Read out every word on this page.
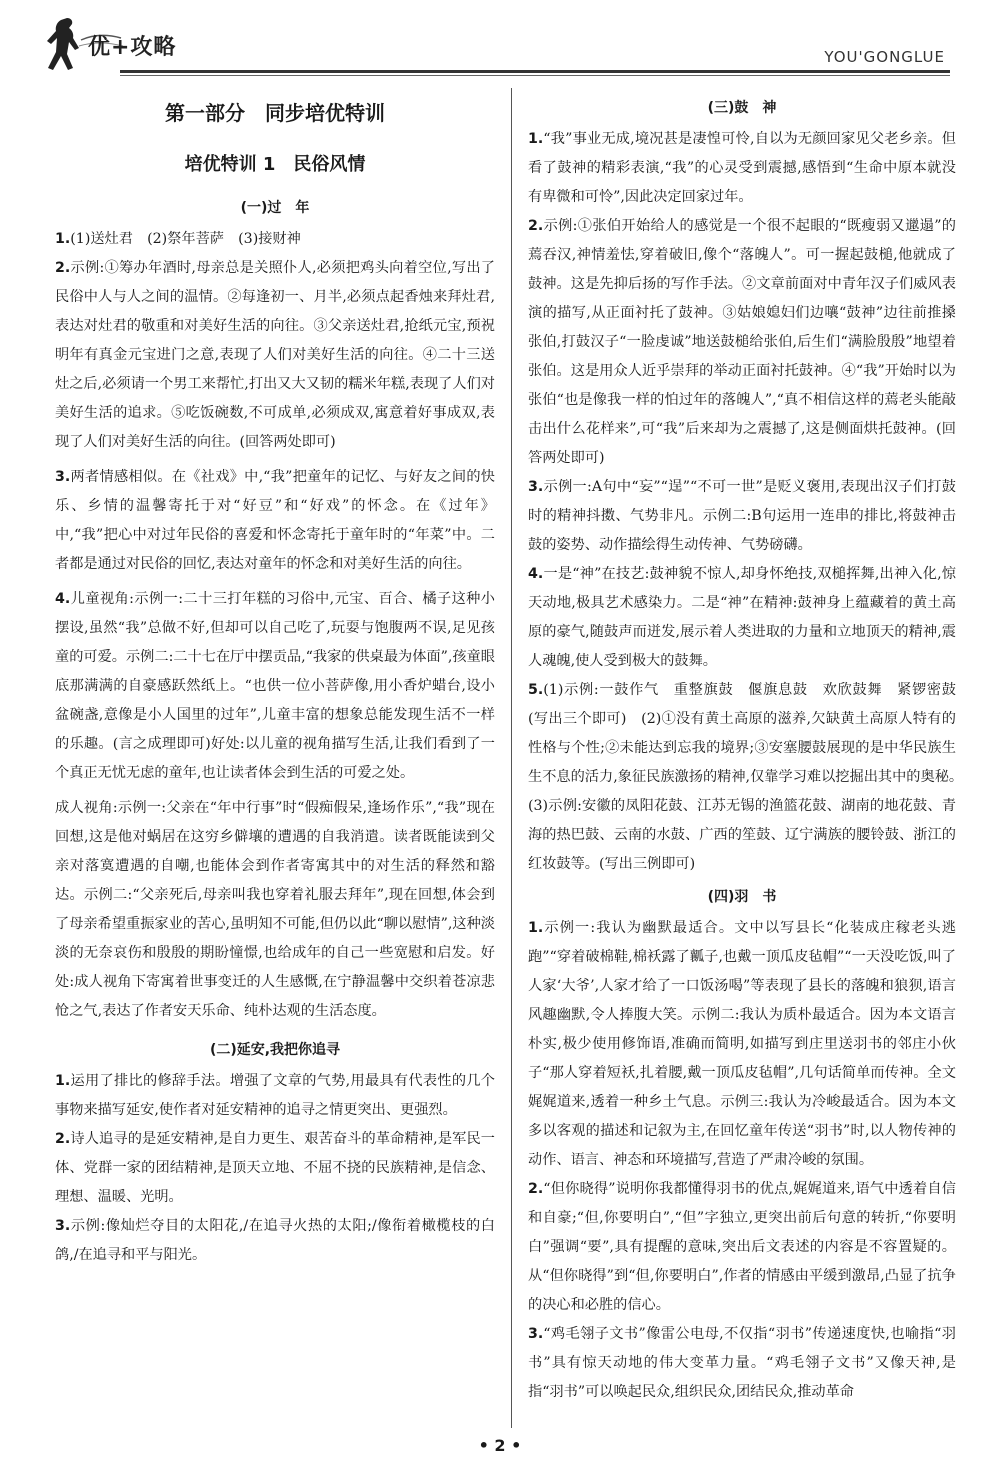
优+攻略	YOU'GONGLUE
第一部分　同步培优特训
培优特训 1　民俗风情
(一)过　年

1.(1)送灶君　(2)祭年菩萨　(3)接财神

2.示例:①筹办年酒时,母亲总是关照仆人,必须把鸡头向着空位,写出了民俗中人与人之间的温情。②每逢初一、月半,必须点起香烛来拜灶君,表达对灶君的敬重和对美好生活的向往。③父亲送灶君,抢纸元宝,预祝明年有真金元宝进门之意,表现了人们对美好生活的向往。④二十三送灶之后,必须请一个男工来帮忙,打出又大又韧的糯米年糕,表现了人们对美好生活的追求。⑤吃饭碗数,不可成单,必须成双,寓意着好事成双,表现了人们对美好生活的向往。(回答两处即可)

3.两者情感相似。在《社戏》中,“我”把童年的记忆、与好友之间的快乐、乡情的温馨寄托于对“好豆”和“好戏”的怀念。在《过年》中,“我”把心中对过年民俗的喜爱和怀念寄托于童年时的“年菜”中。二者都是通过对民俗的回忆,表达对童年的怀念和对美好生活的向往。

4.儿童视角:示例一:二十三打年糕的习俗中,元宝、百合、橘子这种小摆设,虽然“我”总做不好,但却可以自己吃了,玩耍与饱腹两不误,足见孩童的可爱。示例二:二十七在厅中摆贡品,“我家的供桌最为体面”,孩童眼底那满满的自豪感跃然纸上。“也供一位小菩萨像,用小香炉蜡台,设小盆碗盏,意像是小人国里的过年”,儿童丰富的想象总能发现生活不一样的乐趣。(言之成理即可)好处:以儿童的视角描写生活,让我们看到了一个真正无忧无虑的童年,也让读者体会到生活的可爱之处。

成人视角:示例一:父亲在“年中行事”时“假痴假呆,逢场作乐”,“我”现在回想,这是他对蜗居在这穷乡僻壤的遭遇的自我消遣。读者既能读到父亲对落寞遭遇的自嘲,也能体会到作者寄寓其中的对生活的释然和豁达。示例二:“父亲死后,母亲叫我也穿着礼服去拜年”,现在回想,体会到了母亲希望重振家业的苦心,虽明知不可能,但仍以此“聊以慰情”,这种淡淡的无奈哀伤和殷殷的期盼憧憬,也给成年的自己一些宽慰和启发。好处:成人视角下寄寓着世事变迁的人生感慨,在宁静温馨中交织着苍凉悲怆之气,表达了作者安天乐命、纯朴达观的生活态度。

(二)延安,我把你追寻

1.运用了排比的修辞手法。增强了文章的气势,用最具有代表性的几个事物来描写延安,使作者对延安精神的追寻之情更突出、更强烈。

2.诗人追寻的是延安精神,是自力更生、艰苦奋斗的革命精神,是军民一体、党群一家的团结精神,是顶天立地、不屈不挠的民族精神,是信念、理想、温暖、光明。

3.示例:像灿烂夺目的太阳花,/在追寻火热的太阳;/像衔着橄榄枝的白鸽,/在追寻和平与阳光。

(三)鼓　神

1.“我”事业无成,境况甚是凄惶可怜,自以为无颜回家见父老乡亲。但看了鼓神的精彩表演,“我”的心灵受到震撼,感悟到“生命中原本就没有卑微和可怜”,因此决定回家过年。

2.示例:①张伯开始给人的感觉是一个很不起眼的“既瘦弱又邋遢”的蔫吞汉,神情羞怯,穿着破旧,像个“落魄人”。可一握起鼓槌,他就成了鼓神。这是先抑后扬的写作手法。②文章前面对中青年汉子们威风表演的描写,从正面衬托了鼓神。③姑娘媳妇们边嚷“鼓神”边往前推搡张伯,打鼓汉子“一脸虔诚”地送鼓槌给张伯,后生们“满脸殷殷”地望着张伯。这是用众人近乎崇拜的举动正面衬托鼓神。④“我”开始时以为张伯“也是像我一样的怕过年的落魄人”,“真不相信这样的蔫老头能敲击出什么花样来”,可“我”后来却为之震撼了,这是侧面烘托鼓神。(回答两处即可)

3.示例一:A句中“妄”“逞”“不可一世”是贬义褒用,表现出汉子们打鼓时的精神抖擞、气势非凡。示例二:B句运用一连串的排比,将鼓神击鼓的姿势、动作描绘得生动传神、气势磅礴。

4.一是“神”在技艺:鼓神貌不惊人,却身怀绝技,双槌挥舞,出神入化,惊天动地,极具艺术感染力。二是“神”在精神:鼓神身上蕴藏着的黄土高原的豪气,随鼓声而迸发,展示着人类进取的力量和立地顶天的精神,震人魂魄,使人受到极大的鼓舞。

5.(1)示例:一鼓作气　重整旗鼓　偃旗息鼓　欢欣鼓舞　紧锣密鼓(写出三个即可)　(2)①没有黄土高原的滋养,欠缺黄土高原人特有的性格与个性;②未能达到忘我的境界;③安塞腰鼓展现的是中华民族生生不息的活力,象征民族激扬的精神,仅靠学习难以挖掘出其中的奥秘。　(3)示例:安徽的凤阳花鼓、江苏无锡的渔篮花鼓、湖南的地花鼓、青海的热巴鼓、云南的水鼓、广西的笙鼓、辽宁满族的腰铃鼓、浙江的红妆鼓等。(写出三例即可)

(四)羽　书

1.示例一:我认为幽默最适合。文中以写县长“化装成庄稼老头逃跑”“穿着破棉鞋,棉袄露了瓤子,也戴一顶瓜皮毡帽”“一天没吃饭,叫了人家‘大爷’,人家才给了一口饭汤喝”等表现了县长的落魄和狼狈,语言风趣幽默,令人捧腹大笑。示例二:我认为质朴最适合。因为本文语言朴实,极少使用修饰语,准确而简明,如描写到庄里送羽书的邻庄小伙子“那人穿着短袄,扎着腰,戴一顶瓜皮毡帽”,几句话简单而传神。全文娓娓道来,透着一种乡土气息。示例三:我认为冷峻最适合。因为本文多以客观的描述和记叙为主,在回忆童年传送“羽书”时,以人物传神的动作、语言、神态和环境描写,营造了严肃冷峻的氛围。

2.“但你晓得”说明你我都懂得羽书的优点,娓娓道来,语气中透着自信和自豪;“但,你要明白”,“但”字独立,更突出前后句意的转折,“你要明白”强调“要”,具有提醒的意味,突出后文表述的内容是不容置疑的。从“但你晓得”到“但,你要明白”,作者的情感由平缓到激昂,凸显了抗争的决心和必胜的信心。

3.“鸡毛翎子文书”像雷公电母,不仅指“羽书”传递速度快,也喻指“羽书”具有惊天动地的伟大变革力量。“鸡毛翎子文书”又像天神,是指“羽书”可以唤起民众,组织民众,团结民众,推动革命

• 2 •
